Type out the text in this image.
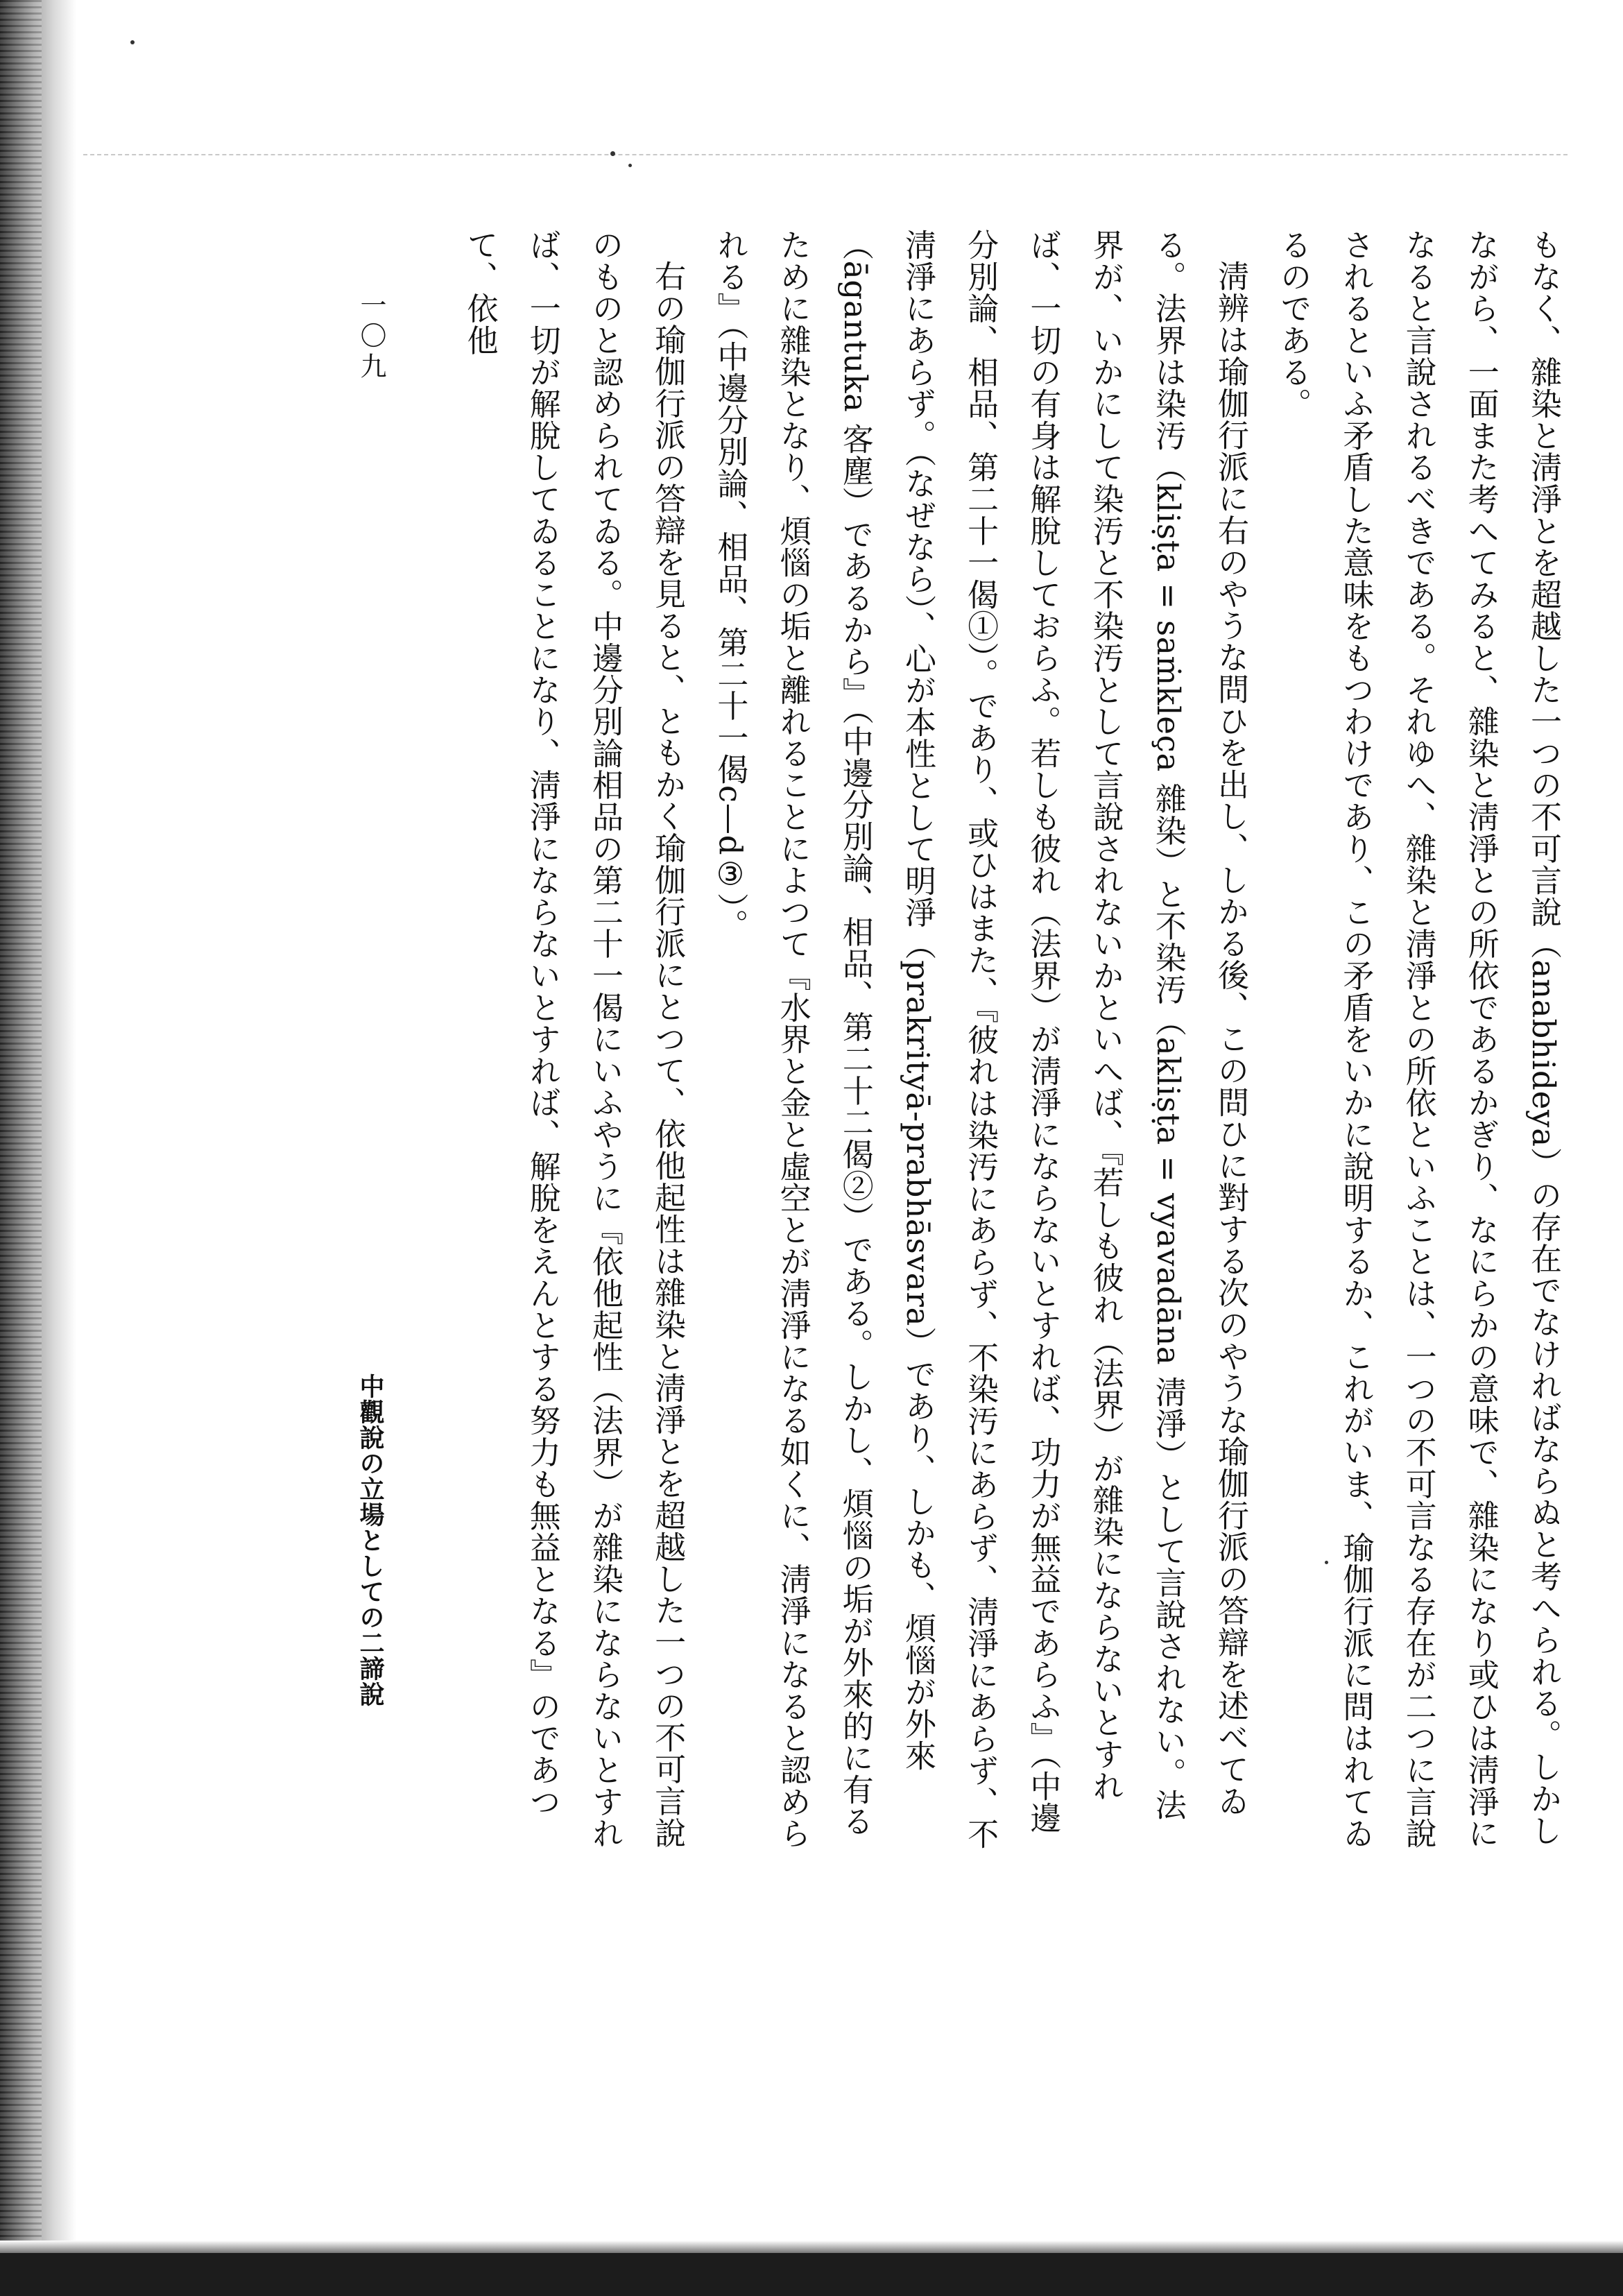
もなく、雜染と淸淨とを超越した一つの不可言說（anabhideya）の存在でなければならぬと考へられる。しかしながら、一面また考へてみると、雜染と淸淨との所依であるかぎり、なにらかの意味で、雜染になり或ひは淸淨になると言說されるべきである。それゆへ、雜染と淸淨との所依といふことは、一つの不可言なる存在が二つに言說されるといふ矛盾した意味をもつわけであり、この矛盾をいかに說明するか、これがいま、瑜伽行派に問はれてゐるのである。

淸辨は瑜伽行派に右のやうな問ひを出し、しかる後、この問ひに對する次のやうな瑜伽行派の答辯を述べてゐる。法界は染汚（kliṣṭa = saṁkleça 雜染）と不染汚（akliṣṭa = vyavadāna 淸淨）として言說されない。法界が、いかにして染汚と不染汚として言說されないかといへば、『若しも彼れ（法界）が雜染にならないとすれば、一切の有身は解脫しておらふ。若しも彼れ（法界）が淸淨にならないとすれば、功力が無益であらふ』（中邊分別論、相品、第二十一偈①）。であり、或ひはまた、『彼れは染汚にあらず、不染汚にあらず、淸淨にあらず、不淸淨にあらず。（なぜなら）、心が本性として明淨（prakrityā-prabhāsvara）であり、しかも、煩惱が外來（āgantuka 客塵）であるから』（中邊分別論、相品、第二十二偈②）である。しかし、煩惱の垢が外來的に有るために雜染となり、煩惱の垢と離れることによつて『水界と金と虛空とが淸淨になる如くに、淸淨になると認められる』（中邊分別論、相品、第二十一偈c—d③）。

右の瑜伽行派の答辯を見ると、ともかく瑜伽行派にとつて、依他起性は雜染と淸淨とを超越した一つの不可言說のものと認められてゐる。中邊分別論相品の第二十一偈にいふやうに『依他起性（法界）が雜染にならないとすれば、一切が解脫してゐることになり、淸淨にならないとすれば、解脫をえんとする努力も無益となる』のであつて、依他

中觀說の立場としての二諦說
一〇九
